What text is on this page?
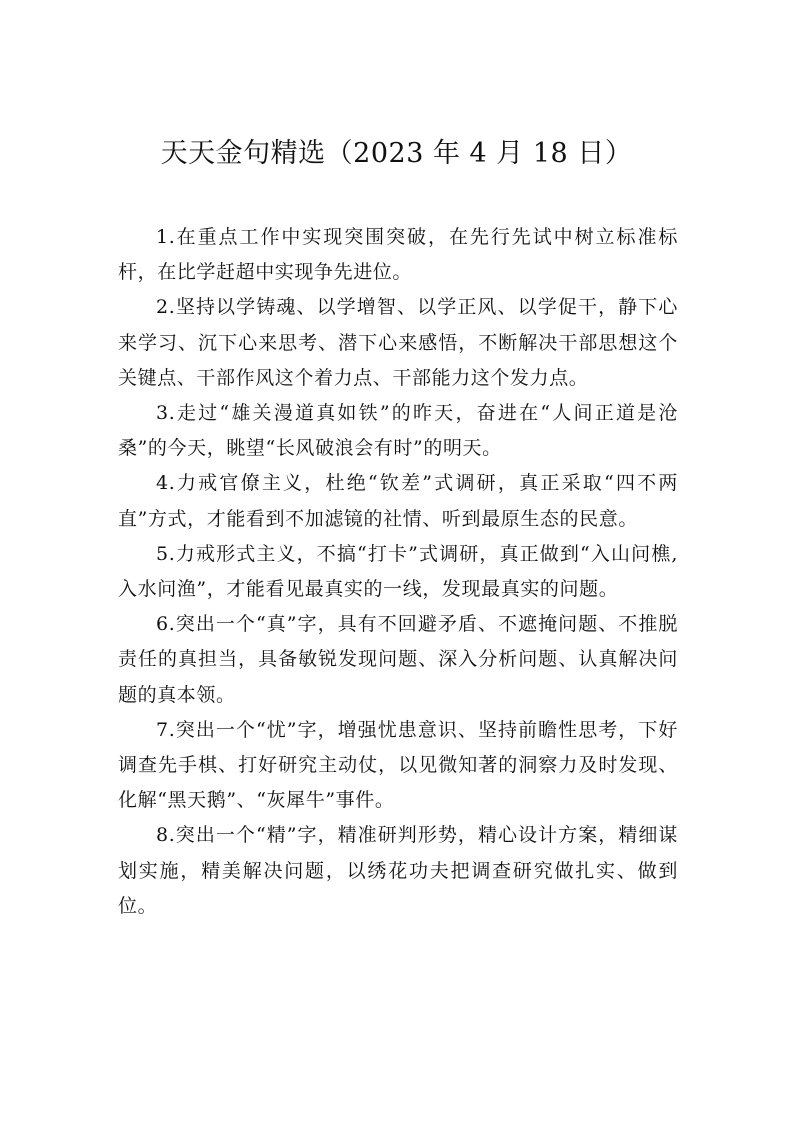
天天金句精选（2023 年 4 月 18 日）

1.在重点工作中实现突围突破，在先行先试中树立标准标杆，在比学赶超中实现争先进位。

2.坚持以学铸魂、以学增智、以学正风、以学促干，静下心来学习、沉下心来思考、潜下心来感悟，不断解决干部思想这个关键点、干部作风这个着力点、干部能力这个发力点。

3.走过“雄关漫道真如铁”的昨天，奋进在“人间正道是沧桑”的今天，眺望“长风破浪会有时”的明天。

4.力戒官僚主义，杜绝“钦差”式调研，真正采取“四不两直”方式，才能看到不加滤镜的社情、听到最原生态的民意。

5.力戒形式主义，不搞“打卡”式调研，真正做到“入山问樵,入水问渔”，才能看见最真实的一线，发现最真实的问题。

6.突出一个“真”字，具有不回避矛盾、不遮掩问题、不推脱责任的真担当，具备敏锐发现问题、深入分析问题、认真解决问题的真本领。

7.突出一个“忧”字，增强忧患意识、坚持前瞻性思考，下好调查先手棋、打好研究主动仗，以见微知著的洞察力及时发现、化解“黑天鹅”、“灰犀牛”事件。

8.突出一个“精”字，精准研判形势，精心设计方案，精细谋划实施，精美解决问题，以绣花功夫把调查研究做扎实、做到位。
